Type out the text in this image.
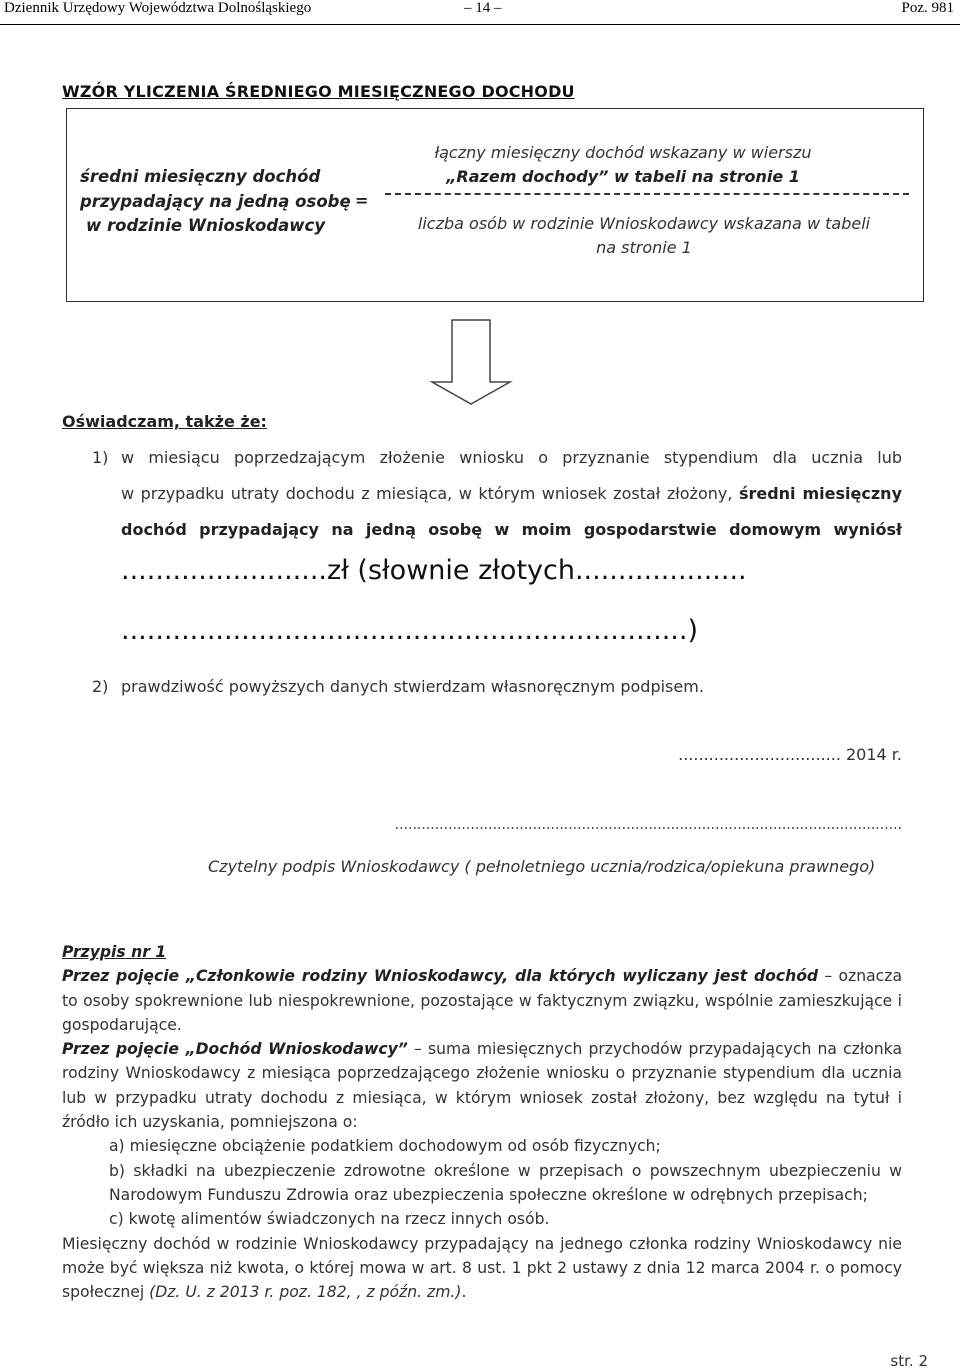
Dziennik Urzędowy Województwa Dolnośląskiego	– 14 –	Poz. 981
WZÓR YLICZENIA ŚREDNIEGO MIESIĘCZNEGO DOCHODU
średni miesięczny dochód
przypadający na jedną osobę
w rodzinie Wnioskodawcy
=
łączny miesięczny dochód wskazany w wierszu
„Razem dochody” w tabeli na stronie 1
liczba osób w rodzinie Wnioskodawcy wskazana w tabeli
na stronie 1
Oświadczam, także że:
1) w miesiącu poprzedzającym złożenie wniosku o przyznanie stypendium dla ucznia lub
w przypadku utraty dochodu z miesiąca, w którym wniosek został złożony, średni miesięczny
dochód przypadający na jedną osobę w moim gospodarstwie domowym wyniósł
........................zł (słownie złotych....................
..................................................................)
2) prawdziwość powyższych danych stwierdzam własnoręcznym podpisem.
................................ 2014 r.
..................................................................................................................
Czytelny podpis Wnioskodawcy ( pełnoletniego ucznia/rodzica/opiekuna prawnego)

Przypis nr 1

Przez pojęcie „Członkowie rodziny Wnioskodawcy, dla których wyliczany jest dochód – oznacza to osoby spokrewnione lub niespokrewnione, pozostające w faktycznym związku, wspólnie zamieszkujące i gospodarujące.

Przez pojęcie „Dochód Wnioskodawcy” – suma miesięcznych przychodów przypadających na członka rodziny Wnioskodawcy z miesiąca poprzedzającego złożenie wniosku o przyznanie stypendium dla ucznia lub w przypadku utraty dochodu z miesiąca, w którym wniosek został złożony, bez względu na tytuł i źródło ich uzyskania, pomniejszona o:

a) miesięczne obciążenie podatkiem dochodowym od osób fizycznych;

b) składki na ubezpieczenie zdrowotne określone w przepisach o powszechnym ubezpieczeniu w Narodowym Funduszu Zdrowia oraz ubezpieczenia społeczne określone w odrębnych przepisach;

c) kwotę alimentów świadczonych na rzecz innych osób.

Miesięczny dochód w rodzinie Wnioskodawcy przypadający na jednego członka rodziny Wnioskodawcy nie może być większa niż kwota, o której mowa w art. 8 ust. 1 pkt 2 ustawy z dnia 12 marca 2004 r. o pomocy społecznej (Dz. U. z 2013 r. poz. 182, , z późn. zm.).

str. 2
